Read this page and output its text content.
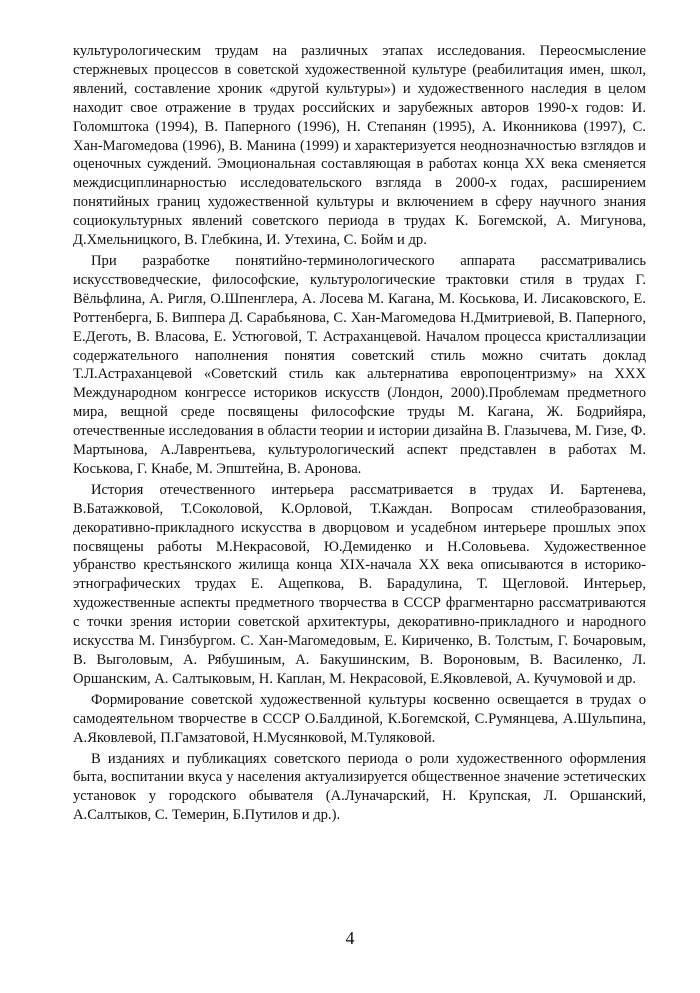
культурологическим трудам на различных этапах исследования. Переосмысление стержневых процессов в советской художественной культуре (реабилитация имен, школ, явлений, составление хроник «другой культуры») и художественного наследия в целом находит свое отражение в трудах российских и зарубежных авторов 1990-х годов: И. Голомштока (1994), В. Паперного (1996), Н. Степанян (1995), А. Иконникова (1997), С. Хан-Магомедова (1996), В. Манина (1999) и характеризуется неоднозначностью взглядов и оценочных суждений. Эмоциональная составляющая в работах конца XX века сменяется междисциплинарностью исследовательского взгляда в 2000-х годах, расширением понятийных границ художественной культуры и включением в сферу научного знания социокультурных явлений советского периода в трудах К. Богемской, А. Мигунова, Д.Хмельницкого, В. Глебкина, И. Утехина, С. Бойм и др.

При разработке понятийно-терминологического аппарата рассматривались искусствоведческие, философские, культурологические трактовки стиля в трудах Г. Вёльфлина, А. Ригля, О.Шпенглера, А. Лосева М. Кагана, М. Коськова, И. Лисаковского, Е. Роттенберга, Б. Виппера Д. Сарабьянова, С. Хан-Магомедова Н.Дмитриевой, В. Паперного, Е.Деготь, В. Власова, Е. Устюговой, Т. Астраханцевой. Началом процесса кристаллизации содержательного наполнения понятия советский стиль можно считать доклад Т.Л.Астраханцевой «Советский стиль как альтернатива европоцентризму» на XXX Международном конгрессе историков искусств (Лондон, 2000).Проблемам предметного мира, вещной среде посвящены философские труды М. Кагана, Ж. Бодрийяра, отечественные исследования в области теории и истории дизайна В. Глазычева, М. Гизе, Ф. Мартынова, А.Лаврентьева, культурологический аспект представлен в работах М. Коськова, Г. Кнабе, М. Эпштейна, В. Аронова.

История отечественного интерьера рассматривается в трудах И. Бартенева, В.Батажковой, Т.Соколовой, К.Орловой, Т.Каждан. Вопросам стилеобразования, декоративно-прикладного искусства в дворцовом и усадебном интерьере прошлых эпох посвящены работы М.Некрасовой, Ю.Демиденко и Н.Соловьева. Художественное убранство крестьянского жилища конца XIX-начала XX века описываются в историко-этнографических трудах Е. Ащепкова, В. Барадулина, Т. Щегловой. Интерьер, художественные аспекты предметного творчества в СССР фрагментарно рассматриваются с точки зрения истории советской архитектуры, декоративно-прикладного и народного искусства М. Гинзбургом. С. Хан-Магомедовым, Е. Кириченко, В. Толстым, Г. Бочаровым, В. Выголовым, А. Рябушиным, А. Бакушинским, В. Вороновым, В. Василенко, Л. Оршанским, А. Салтыковым, Н. Каплан, М. Некрасовой, Е.Яковлевой, А. Кучумовой и др.

Формирование советской художественной культуры косвенно освещается в трудах о самодеятельном творчестве в СССР О.Балдиной, К.Богемской, С.Румянцева, А.Шульпина, А.Яковлевой, П.Гамзатовой, Н.Мусянковой, М.Туляковой.

В изданиях и публикациях советского периода о роли художественного оформления быта, воспитании вкуса у населения актуализируется общественное значение эстетических установок у городского обывателя (А.Луначарский, Н. Крупская, Л. Оршанский, А.Салтыков, С. Темерин, Б.Путилов и др.).

4
